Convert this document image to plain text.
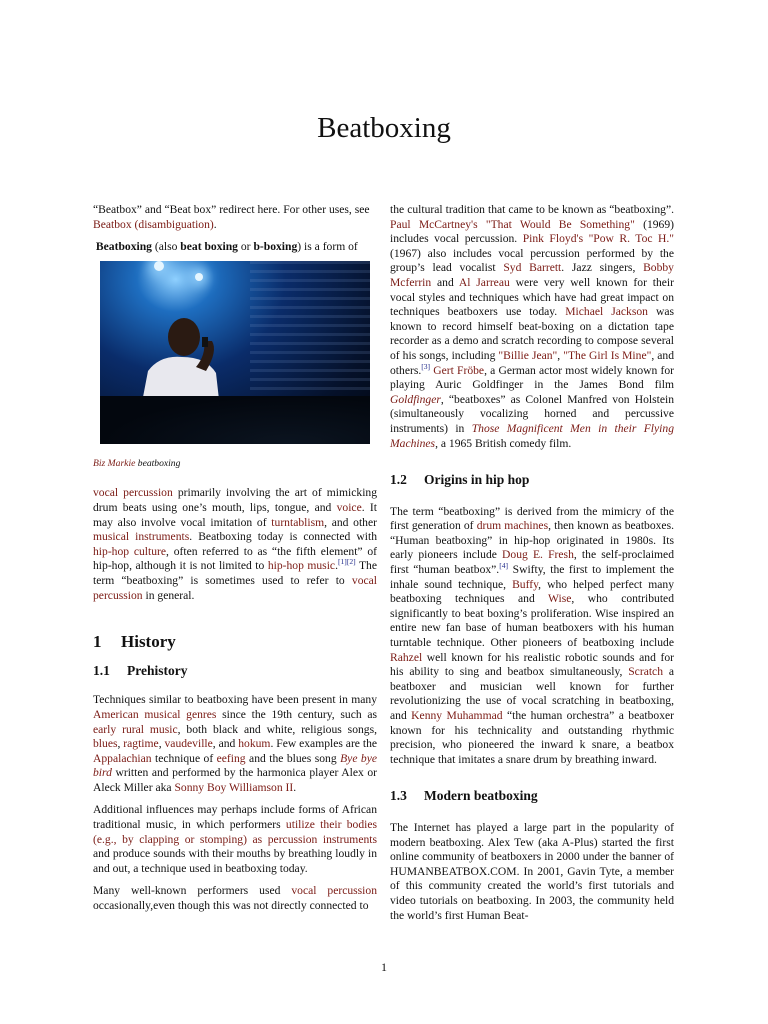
Beatboxing

“Beatbox” and “Beat box” redirect here. For other uses, see Beatbox (disambiguation).

Beatboxing (also beat boxing or b-boxing) is a form of

Biz Markie beatboxing

vocal percussion primarily involving the art of mimicking drum beats using one’s mouth, lips, tongue, and voice. It may also involve vocal imitation of turntablism, and other musical instruments. Beatboxing today is connected with hip-hop culture, often referred to as “the fifth element” of hip-hop, although it is not limited to hip-hop music.[1][2] The term “beatboxing” is sometimes used to refer to vocal percussion in general.

1 History
1.1 Prehistory

Techniques similar to beatboxing have been present in many American musical genres since the 19th century, such as early rural music, both black and white, religious songs, blues, ragtime, vaudeville, and hokum. Few examples are the Appalachian technique of eefing and the blues song Bye bye bird written and performed by the harmonica player Alex or Aleck Miller aka Sonny Boy Williamson II.

Additional influences may perhaps include forms of African traditional music, in which performers utilize their bodies (e.g., by clapping or stomping) as percussion instruments and produce sounds with their mouths by breathing loudly in and out, a technique used in beatboxing today.

Many well-known performers used vocal percussion occasionally,even though this was not directly connected to

the cultural tradition that came to be known as “beatboxing”. Paul McCartney's "That Would Be Something" (1969) includes vocal percussion. Pink Floyd's "Pow R. Toc H." (1967) also includes vocal percussion performed by the group’s lead vocalist Syd Barrett. Jazz singers, Bobby Mcferrin and Al Jarreau were very well known for their vocal styles and techniques which have had great impact on techniques beatboxers use today. Michael Jackson was known to record himself beat-boxing on a dictation tape recorder as a demo and scratch recording to compose several of his songs, including "Billie Jean", "The Girl Is Mine", and others.[3] Gert Fröbe, a German actor most widely known for playing Auric Goldfinger in the James Bond film Goldfinger, “beatboxes” as Colonel Manfred von Holstein (simultaneously vocalizing horned and percussive instruments) in Those Magnificent Men in their Flying Machines, a 1965 British comedy film.

1.2 Origins in hip hop

The term “beatboxing” is derived from the mimicry of the first generation of drum machines, then known as beatboxes. “Human beatboxing” in hip-hop originated in 1980s. Its early pioneers include Doug E. Fresh, the self-proclaimed first “human beatbox”.[4] Swifty, the first to implement the inhale sound technique, Buffy, who helped perfect many beatboxing techniques and Wise, who contributed significantly to beat boxing’s proliferation. Wise inspired an entire new fan base of human beatboxers with his human turntable technique. Other pioneers of beatboxing include Rahzel well known for his realistic robotic sounds and for his ability to sing and beatbox simultaneously, Scratch a beatboxer and musician well known for further revolutionizing the use of vocal scratching in beatboxing, and Kenny Muhammad “the human orchestra” a beatboxer known for his technicality and outstanding rhythmic precision, who pioneered the inward k snare, a beatbox technique that imitates a snare drum by breathing inward.

1.3 Modern beatboxing

The Internet has played a large part in the popularity of modern beatboxing. Alex Tew (aka A-Plus) started the first online community of beatboxers in 2000 under the banner of HUMANBEATBOX.COM. In 2001, Gavin Tyte, a member of this community created the world’s first tutorials and video tutorials on beatboxing. In 2003, the community held the world’s first Human Beat-

1
